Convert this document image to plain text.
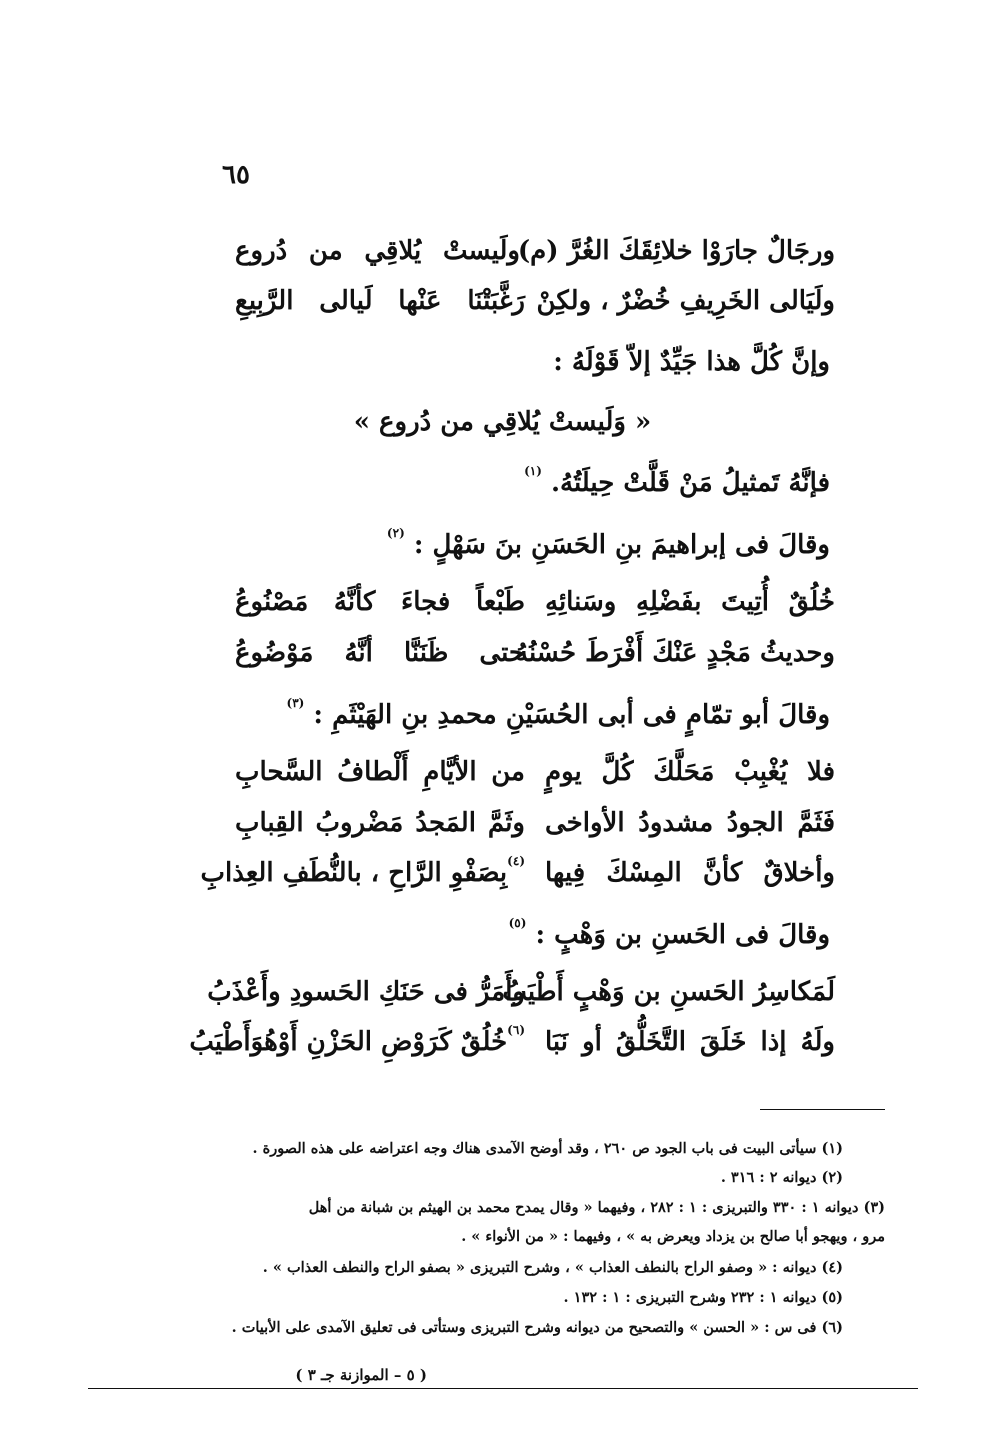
٦٥
ورجَالٌ جارَوْا خلائِقَكَ الغُرَّ (م)
ولَيستْ يُلاقِي من دُروع
ولَيَالى الخَرِيفِ خُضْرٌ ، ولكِنْ
رَغَّبَتْنَا عَنْها لَيالى الرَّبِيعِ
وإنَّ كُلَّ هذا جَيِّدٌ إلاّ قَوْلَهُ :
« وَلَيستْ يُلاقِي من دُروع »
فإنَّهُ تَمثيلُ مَنْ قَلَّتْ حِيلَتُهُ. $^{(١)}$
وقالَ فى إبراهيمَ بنِ الحَسَنِ بنَ سَهْلٍ : $^{(٢)}$
خُلُقٌ أُتِيتَ بفَضْلِهِ وسَنائِهِ
طَبْعاً فجاءَ كأنَّهُ مَصْنُوعُ
وحديثُ مَجْدٍ عَنْكَ أَفْرَطَ حُسْنُهُ
حتى ظَنَنَّا أنَّهُ مَوْضُوعُ
وقالَ أبو تمّامٍ فى أبى الحُسَيْنِ محمدِ بنِ الهَيْثَمِ : $^{(٣)}$
فلا يُغْبِبْ مَحَلَّكَ كُلَّ يومٍ
من الأيَّامِ أَلْطافُ السَّحابِ
فَثَمَّ الجودُ مشدودُ الأواخى
وثَمَّ المَجدُ مَضْروبُ القِبابِ
وأخلاقٌ كأنَّ المِسْكَ فِيها
$^{(٤)}$بِصَفْوِ الرَّاحِ ، بالنُّطَفِ العِذابِ
وقالَ فى الحَسنِ بن وَهْبٍ : $^{(٥)}$
لَمَكاسِرُ الحَسنِ بن وَهْبٍ أَطْيَبُ
وأَمَرُّ فى حَنَكِ الحَسودِ وأَعْذَبُ
ولَهُ إذا خَلَقَ التَّخَلُّقُ أو نَبَا
$^{(٦)}$خُلُقٌ كَرَوْضِ الحَزْنِ أَوْهُوَأَطْيَبُ
(١) سيأتى البيت فى باب الجود ص ٢٦٠ ، وقد أوضح الآمدى هناك وجه اعتراضه على هذه الصورة .
(٢) ديوانه ٢ : ٣١٦ .
(٣) ديوانه ١ : ٣٣٠ والتبريزى : ١ : ٢٨٢ ، وفيهما « وقال يمدح محمد بن الهيثم بن شبانة من أهل
مرو ، ويهجو أبا صالح بن يزداد ويعرض به » ، وفيهما : « من الأنواء » .
(٤) ديوانه : « وصفو الراح بالنطف العذاب » ، وشرح التبريزى « بصفو الراح والنطف العذاب » .
(٥) ديوانه ١ : ٢٣٢ وشرح التبريزى : ١ : ١٣٢ .
(٦) فى س : « الحسن » والتصحيح من ديوانه وشرح التبريزى وستأتى فى تعليق الآمدى على الأبيات .
( ٥ – الموازنة جـ ٣ )
